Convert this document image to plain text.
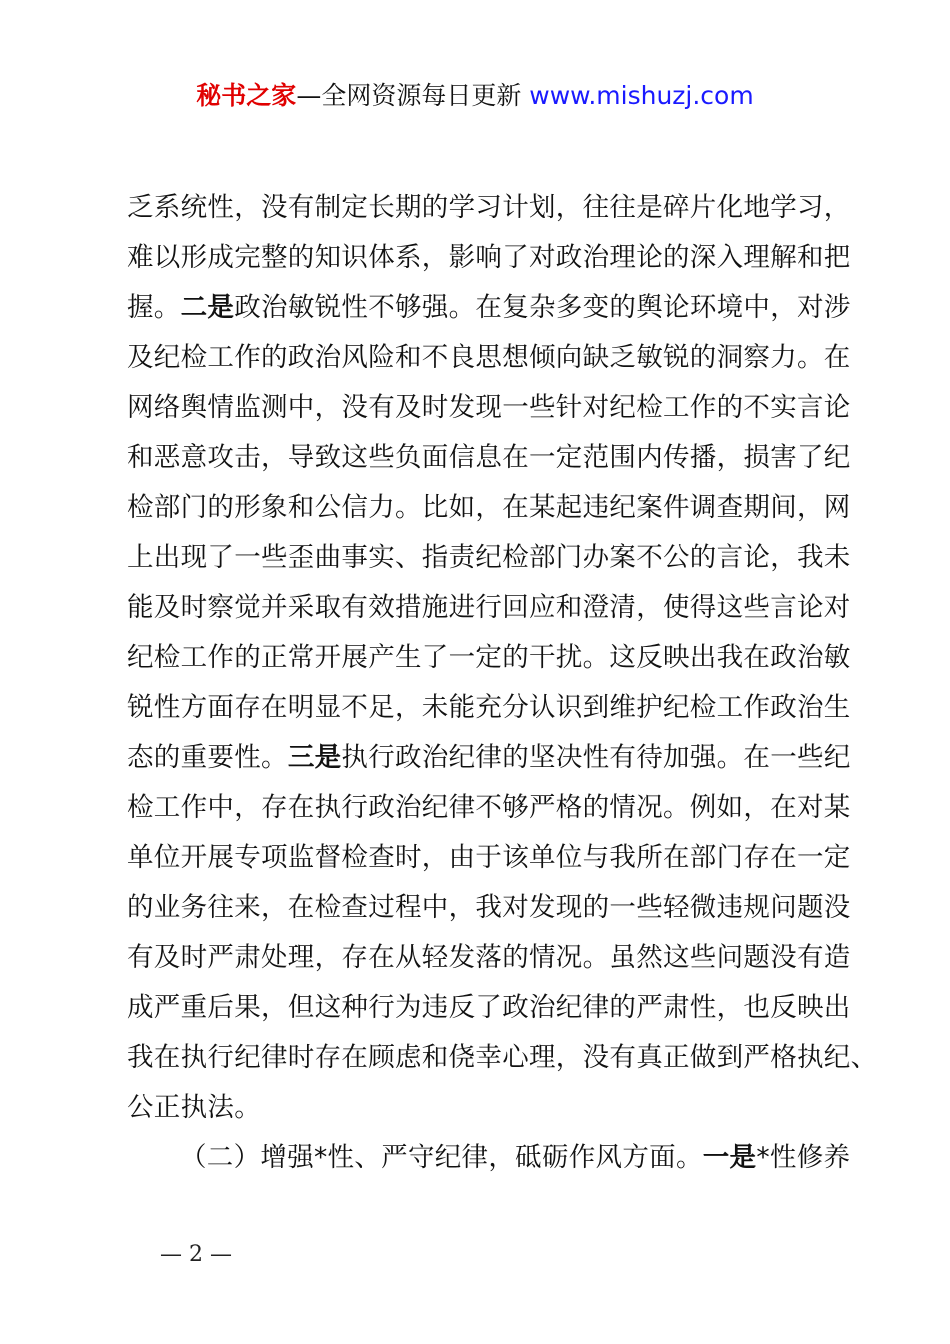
秘书之家—全网资源每日更新 www.mishuzj.com
乏系统性，没有制定长期的学习计划，往往是碎片化地学习，
难以形成完整的知识体系，影响了对政治理论的深入理解和把
握。二是政治敏锐性不够强。在复杂多变的舆论环境中，对涉
及纪检工作的政治风险和不良思想倾向缺乏敏锐的洞察力。在
网络舆情监测中，没有及时发现一些针对纪检工作的不实言论
和恶意攻击，导致这些负面信息在一定范围内传播，损害了纪
检部门的形象和公信力。比如，在某起违纪案件调查期间，网
上出现了一些歪曲事实、指责纪检部门办案不公的言论，我未
能及时察觉并采取有效措施进行回应和澄清，使得这些言论对
纪检工作的正常开展产生了一定的干扰。这反映出我在政治敏
锐性方面存在明显不足，未能充分认识到维护纪检工作政治生
态的重要性。三是执行政治纪律的坚决性有待加强。在一些纪
检工作中，存在执行政治纪律不够严格的情况。例如，在对某
单位开展专项监督检查时，由于该单位与我所在部门存在一定
的业务往来，在检查过程中，我对发现的一些轻微违规问题没
有及时严肃处理，存在从轻发落的情况。虽然这些问题没有造
成严重后果，但这种行为违反了政治纪律的严肃性，也反映出
我在执行纪律时存在顾虑和侥幸心理，没有真正做到严格执纪、
公正执法。
（二）增强*性、严守纪律，砥砺作风方面。一是*性修养
— 2 —
